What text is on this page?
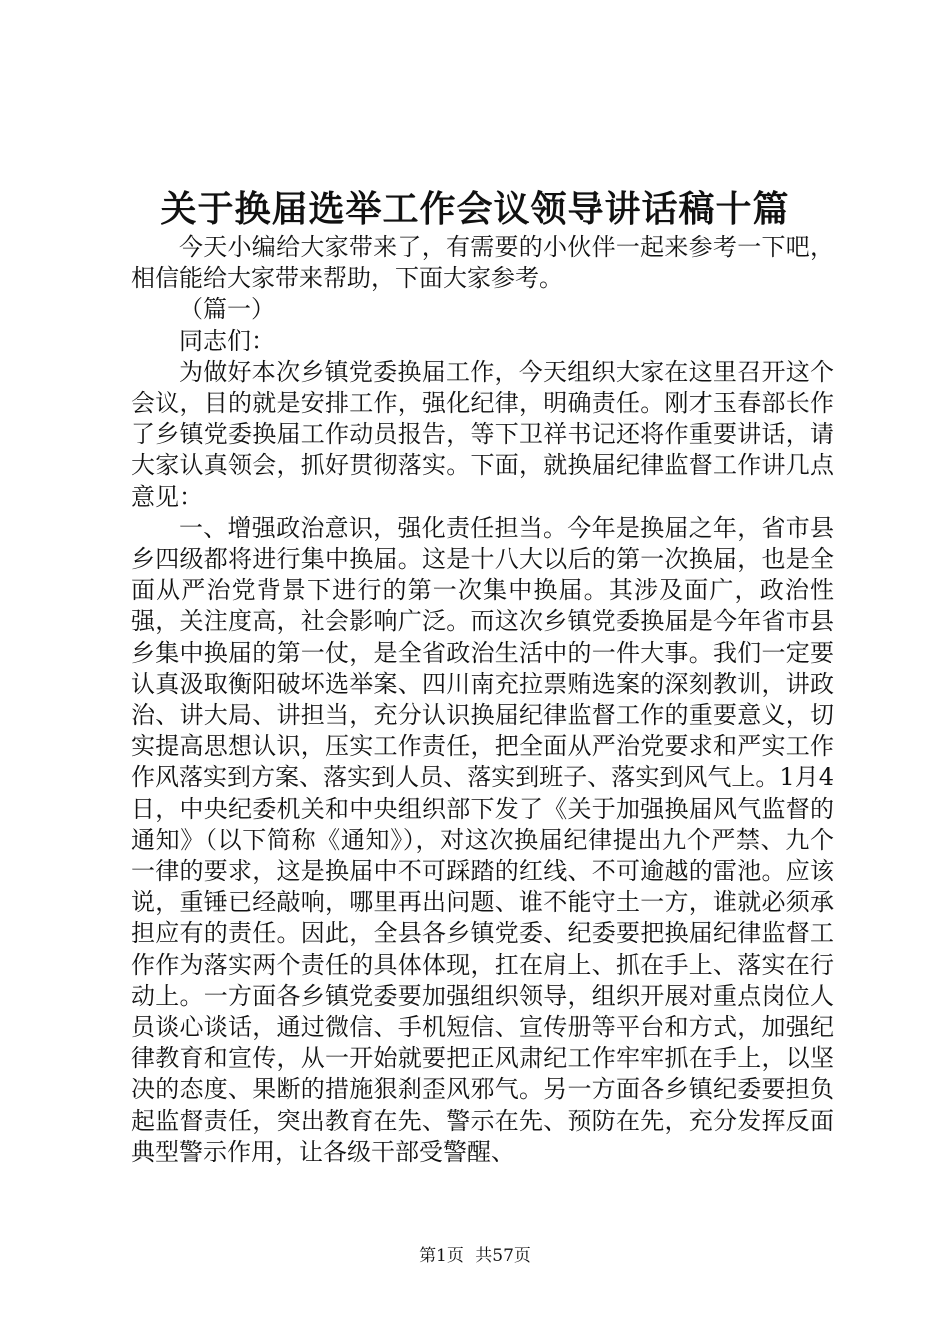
关于换届选举工作会议领导讲话稿十篇

今天小编给大家带来了，有需要的小伙伴一起来参考一下吧，相信能给大家带来帮助，下面大家参考。

（篇一）

同志们：

为做好本次乡镇党委换届工作，今天组织大家在这里召开这个会议，目的就是安排工作，强化纪律，明确责任。刚才玉春部长作了乡镇党委换届工作动员报告，等下卫祥书记还将作重要讲话，请大家认真领会，抓好贯彻落实。下面，就换届纪律监督工作讲几点意见：

一、增强政治意识，强化责任担当。今年是换届之年，省市县乡四级都将进行集中换届。这是十八大以后的第一次换届，也是全面从严治党背景下进行的第一次集中换届。其涉及面广，政治性强，关注度高，社会影响广泛。而这次乡镇党委换届是今年省市县乡集中换届的第一仗，是全省政治生活中的一件大事。我们一定要认真汲取衡阳破坏选举案、四川南充拉票贿选案的深刻教训，讲政治、讲大局、讲担当，充分认识换届纪律监督工作的重要意义，切实提高思想认识，压实工作责任，把全面从严治党要求和严实工作作风落实到方案、落实到人员、落实到班子、落实到风气上。1月4日，中央纪委机关和中央组织部下发了《关于加强换届风气监督的通知》（以下简称《通知》），对这次换届纪律提出九个严禁、九个一律的要求，这是换届中不可踩踏的红线、不可逾越的雷池。应该说，重锤已经敲响，哪里再出问题、谁不能守土一方，谁就必须承担应有的责任。因此，全县各乡镇党委、纪委要把换届纪律监督工作作为落实两个责任的具体体现，扛在肩上、抓在手上、落实在行动上。一方面各乡镇党委要加强组织领导，组织开展对重点岗位人员谈心谈话，通过微信、手机短信、宣传册等平台和方式，加强纪律教育和宣传，从一开始就要把正风肃纪工作牢牢抓在手上，以坚决的态度、果断的措施狠刹歪风邪气。另一方面各乡镇纪委要担负起监督责任，突出教育在先、警示在先、预防在先，充分发挥反面典型警示作用，让各级干部受警醒、

第1页 共57页
